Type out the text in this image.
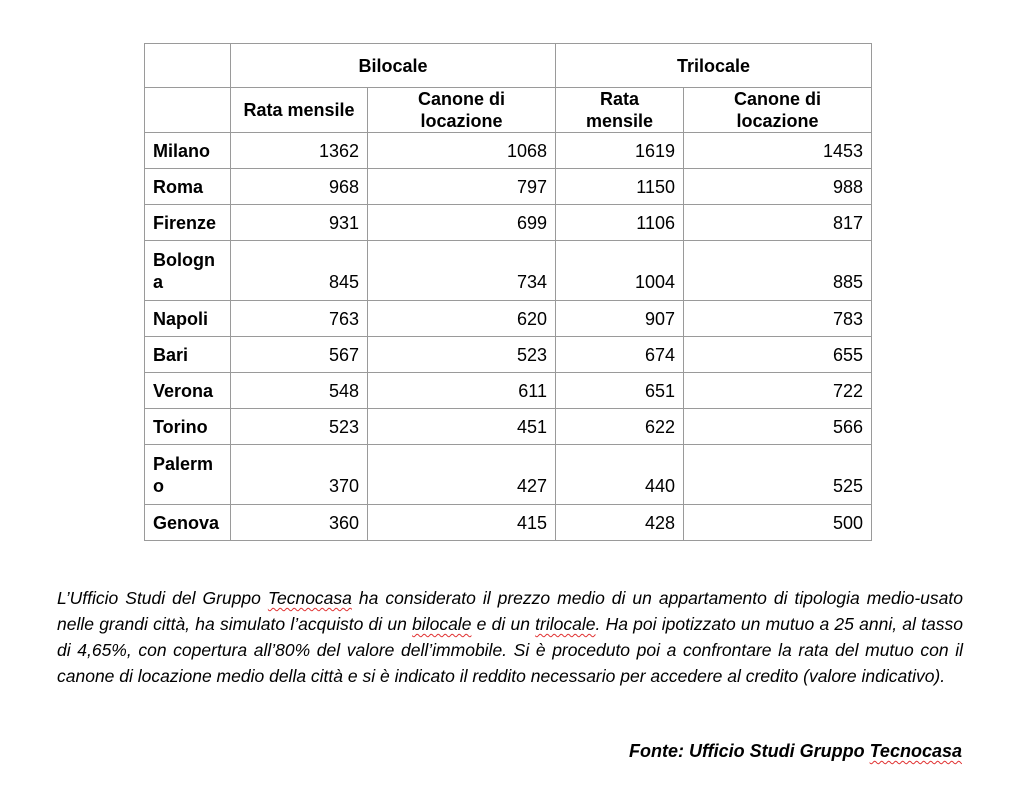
	Bilocale		Trilocale	
	Rata mensile	Canone di locazione	Rata mensile	Canone di locazione
Milano	1362	1068	1619	1453
Roma	968	797	1150	988
Firenze	931	699	1106	817
Bologna	845	734	1004	885
Napoli	763	620	907	783
Bari	567	523	674	655
Verona	548	611	651	722
Torino	523	451	622	566
Palermo	370	427	440	525
Genova	360	415	428	500

L’Ufficio Studi del Gruppo Tecnocasa ha considerato il prezzo medio di un appartamento di tipologia medio-usato nelle grandi città, ha simulato l’acquisto di un bilocale e di un trilocale. Ha poi ipotizzato un mutuo a 25 anni, al tasso di 4,65%, con copertura all’80% del valore dell’immobile. Si è proceduto poi a confrontare la rata del mutuo con il canone di locazione medio della città e si è indicato il reddito necessario per accedere al credito (valore indicativo).

Fonte: Ufficio Studi Gruppo Tecnocasa
